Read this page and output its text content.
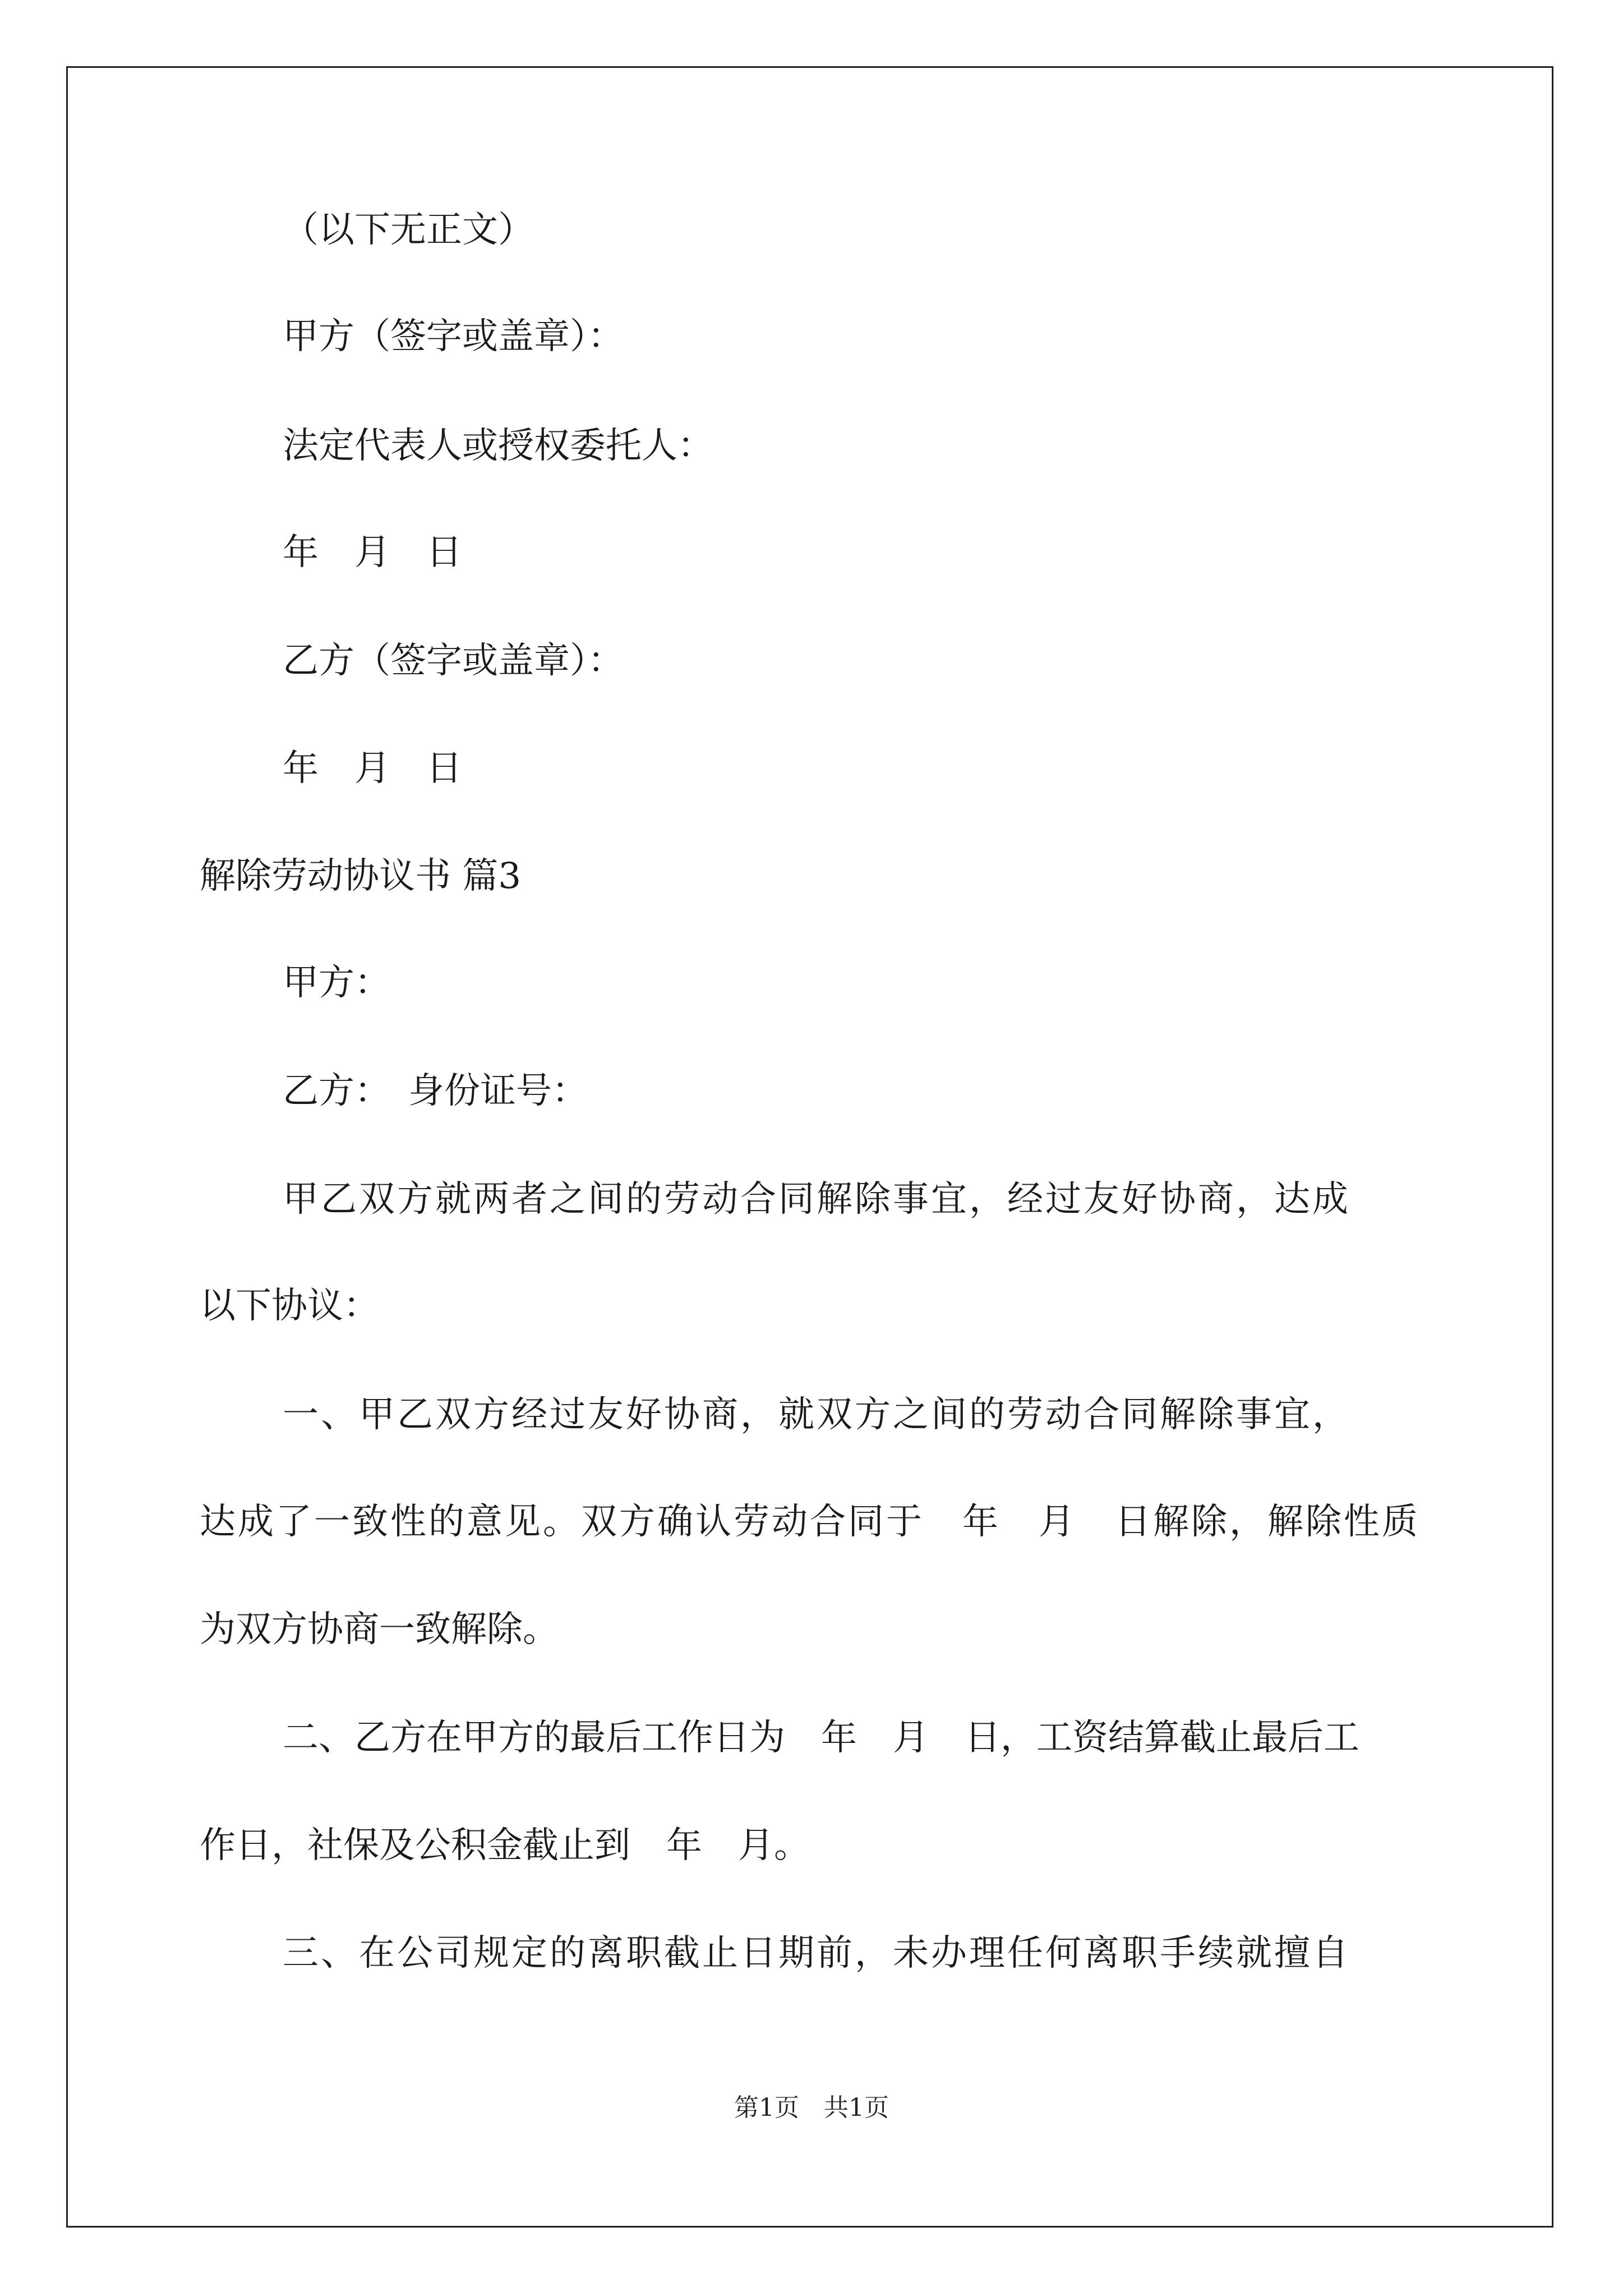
（以下无正文）
甲方（签字或盖章）：
法定代表人或授权委托人：
年　月　日
乙方（签字或盖章）：
年　月　日
解除劳动协议书 篇3
甲方：
乙方：　身份证号：
甲乙双方就两者之间的劳动合同解除事宜，经过友好协商，达成
以下协议：
一、甲乙双方经过友好协商，就双方之间的劳动合同解除事宜，
达成了一致性的意见。双方确认劳动合同于　年　月　日解除，解除性质
为双方协商一致解除。
二、乙方在甲方的最后工作日为　年　月　日，工资结算截止最后工
作日，社保及公积金截止到　年　月。
三、在公司规定的离职截止日期前，未办理任何离职手续就擅自
第1页　共1页
